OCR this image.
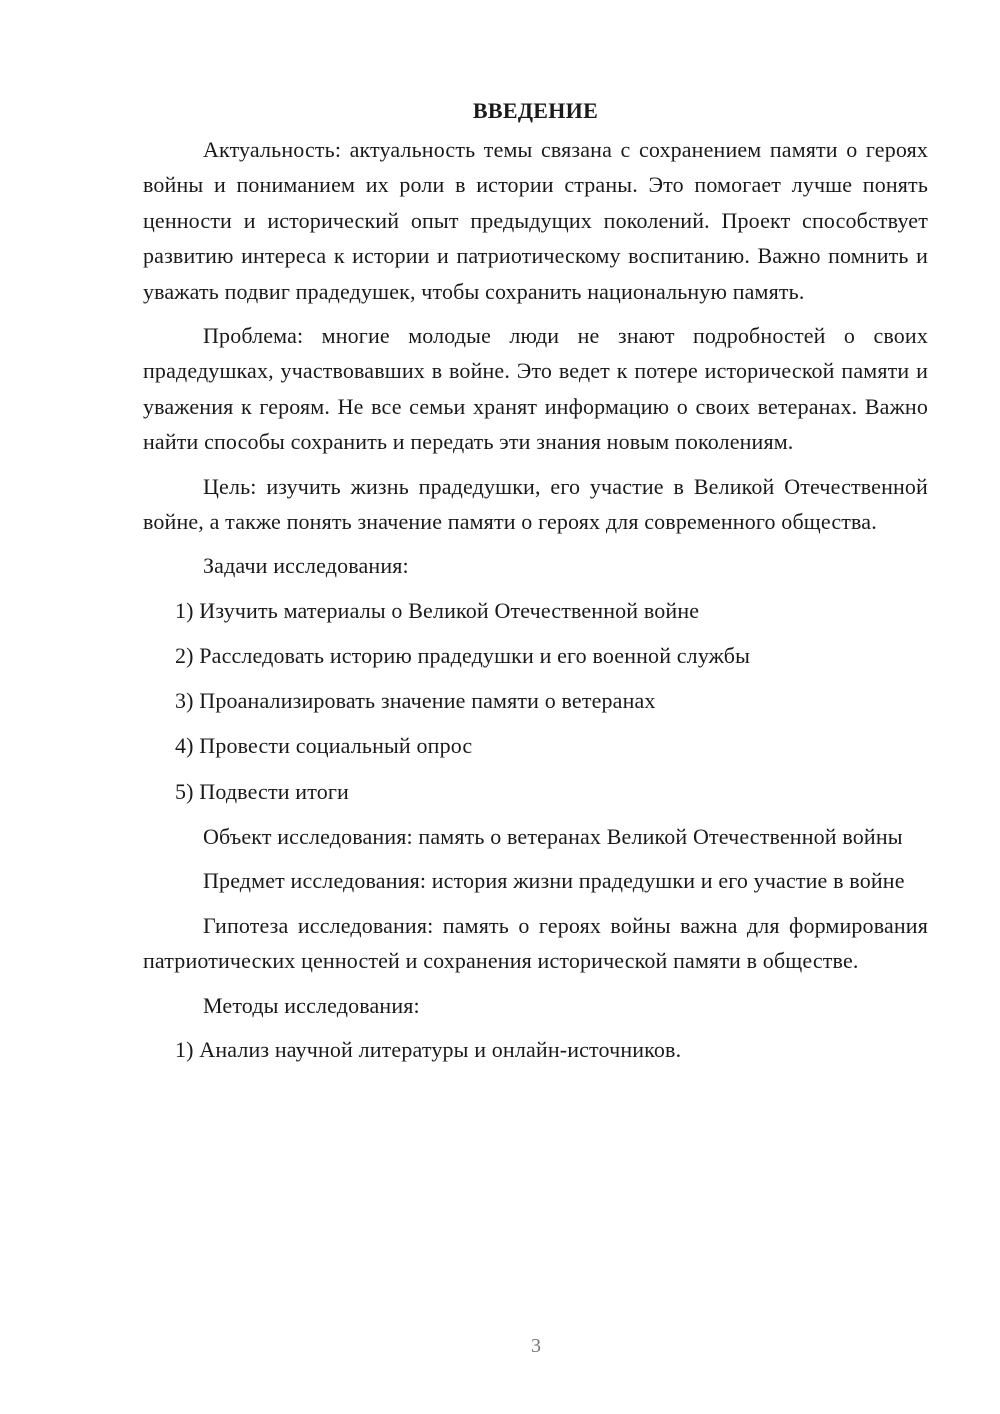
ВВЕДЕНИЕ

Актуальность: актуальность темы связана с сохранением памяти о героях войны и пониманием их роли в истории страны. Это помогает лучше понять ценности и исторический опыт предыдущих поколений. Проект способствует развитию интереса к истории и патриотическому воспитанию. Важно помнить и уважать подвиг прадедушек, чтобы сохранить национальную память.

Проблема: многие молодые люди не знают подробностей о своих прадедушках, участвовавших в войне. Это ведет к потере исторической памяти и уважения к героям. Не все семьи хранят информацию о своих ветеранах. Важно найти способы сохранить и передать эти знания новым поколениям.

Цель: изучить жизнь прадедушки, его участие в Великой Отечественной войне, а также понять значение памяти о героях для современного общества.

Задачи исследования:

1) Изучить материалы о Великой Отечественной войне

2) Расследовать историю прадедушки и его военной службы

3) Проанализировать значение памяти о ветеранах

4) Провести социальный опрос

5) Подвести итоги

Объект исследования: память о ветеранах Великой Отечественной войны

Предмет исследования: история жизни прадедушки и его участие в войне

Гипотеза исследования: память о героях войны важна для формирования патриотических ценностей и сохранения исторической памяти в обществе.

Методы исследования:

1) Анализ научной литературы и онлайн-источников.

3
